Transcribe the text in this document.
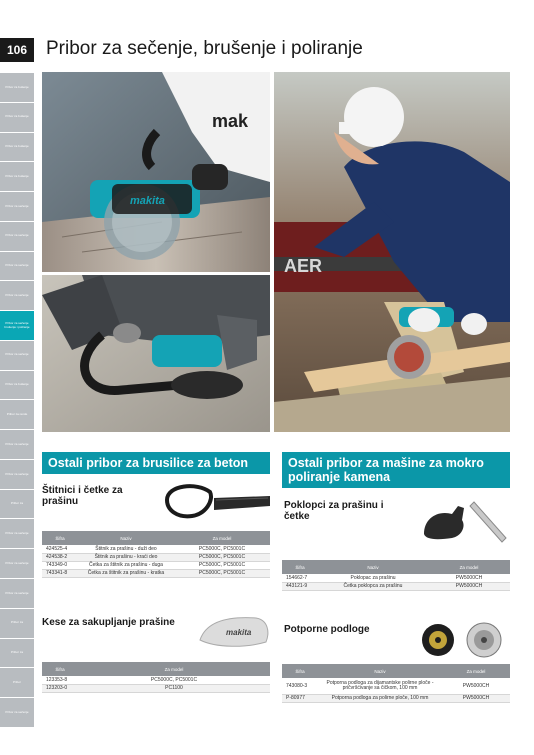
106 Pribor za sečenje, brušenje i poliranje
Pribor za bušenje
Pribor za bušenje
Pribor za bušenje
Pribor za bušenje
Pribor za sečenje
Pribor za sečenje
Pribor za sečenje
Pribor za sečenje
Pribor za sečenje brušenje i poliranje
Pribor za sečenje
Pribor za bušenje
Pribor za rende
Pribor za sečenje
Pribor za sečenje
Pribor za
Pribor za sečenje
Pribor za sečenje
Pribor za sečenje
Pribor za
Pribor za
Pribor
Pribor za sečenje
mak
makita
AER
Ostali pribor za brusilice za beton
Štitnici i četke za prašinu
Šifra	Naziv	Za model
424525-4	Štitnik za prašinu - duži deo	PC5000C, PC5001C
424538-2	Štitnik za prašinu - kraći deo	PC5000C, PC5001C
743349-0	Četka za štitnik za prašinu - duga	PC5000C, PC5001C
743341-8	Četka za štitnik za prašinu - kratka	PC5000C, PC5001C
Kese za sakupljanje prašine
makita
Šifra	Za model
123353-8	PC5000C, PC5001C
123203-0	PC1100
Ostali pribor za mašine za mokro poliranje kamena
Poklopci za prašinu i četke
Šifra	Naziv	Za model
154662-7	Poklopac za prašinu	PW5000CH
443121-9	Četka poklopca za prašinu	PW5000CH
Potporne podloge
Šifra	Naziv	Za model
743080-3	Potporna podloga za dijamantske polirne ploče - pričvršćivanje sa čičkom, 100 mm	PW5000CH
P-80977	Potporna podloga za polirne ploče, 100 mm	PW5000CH
